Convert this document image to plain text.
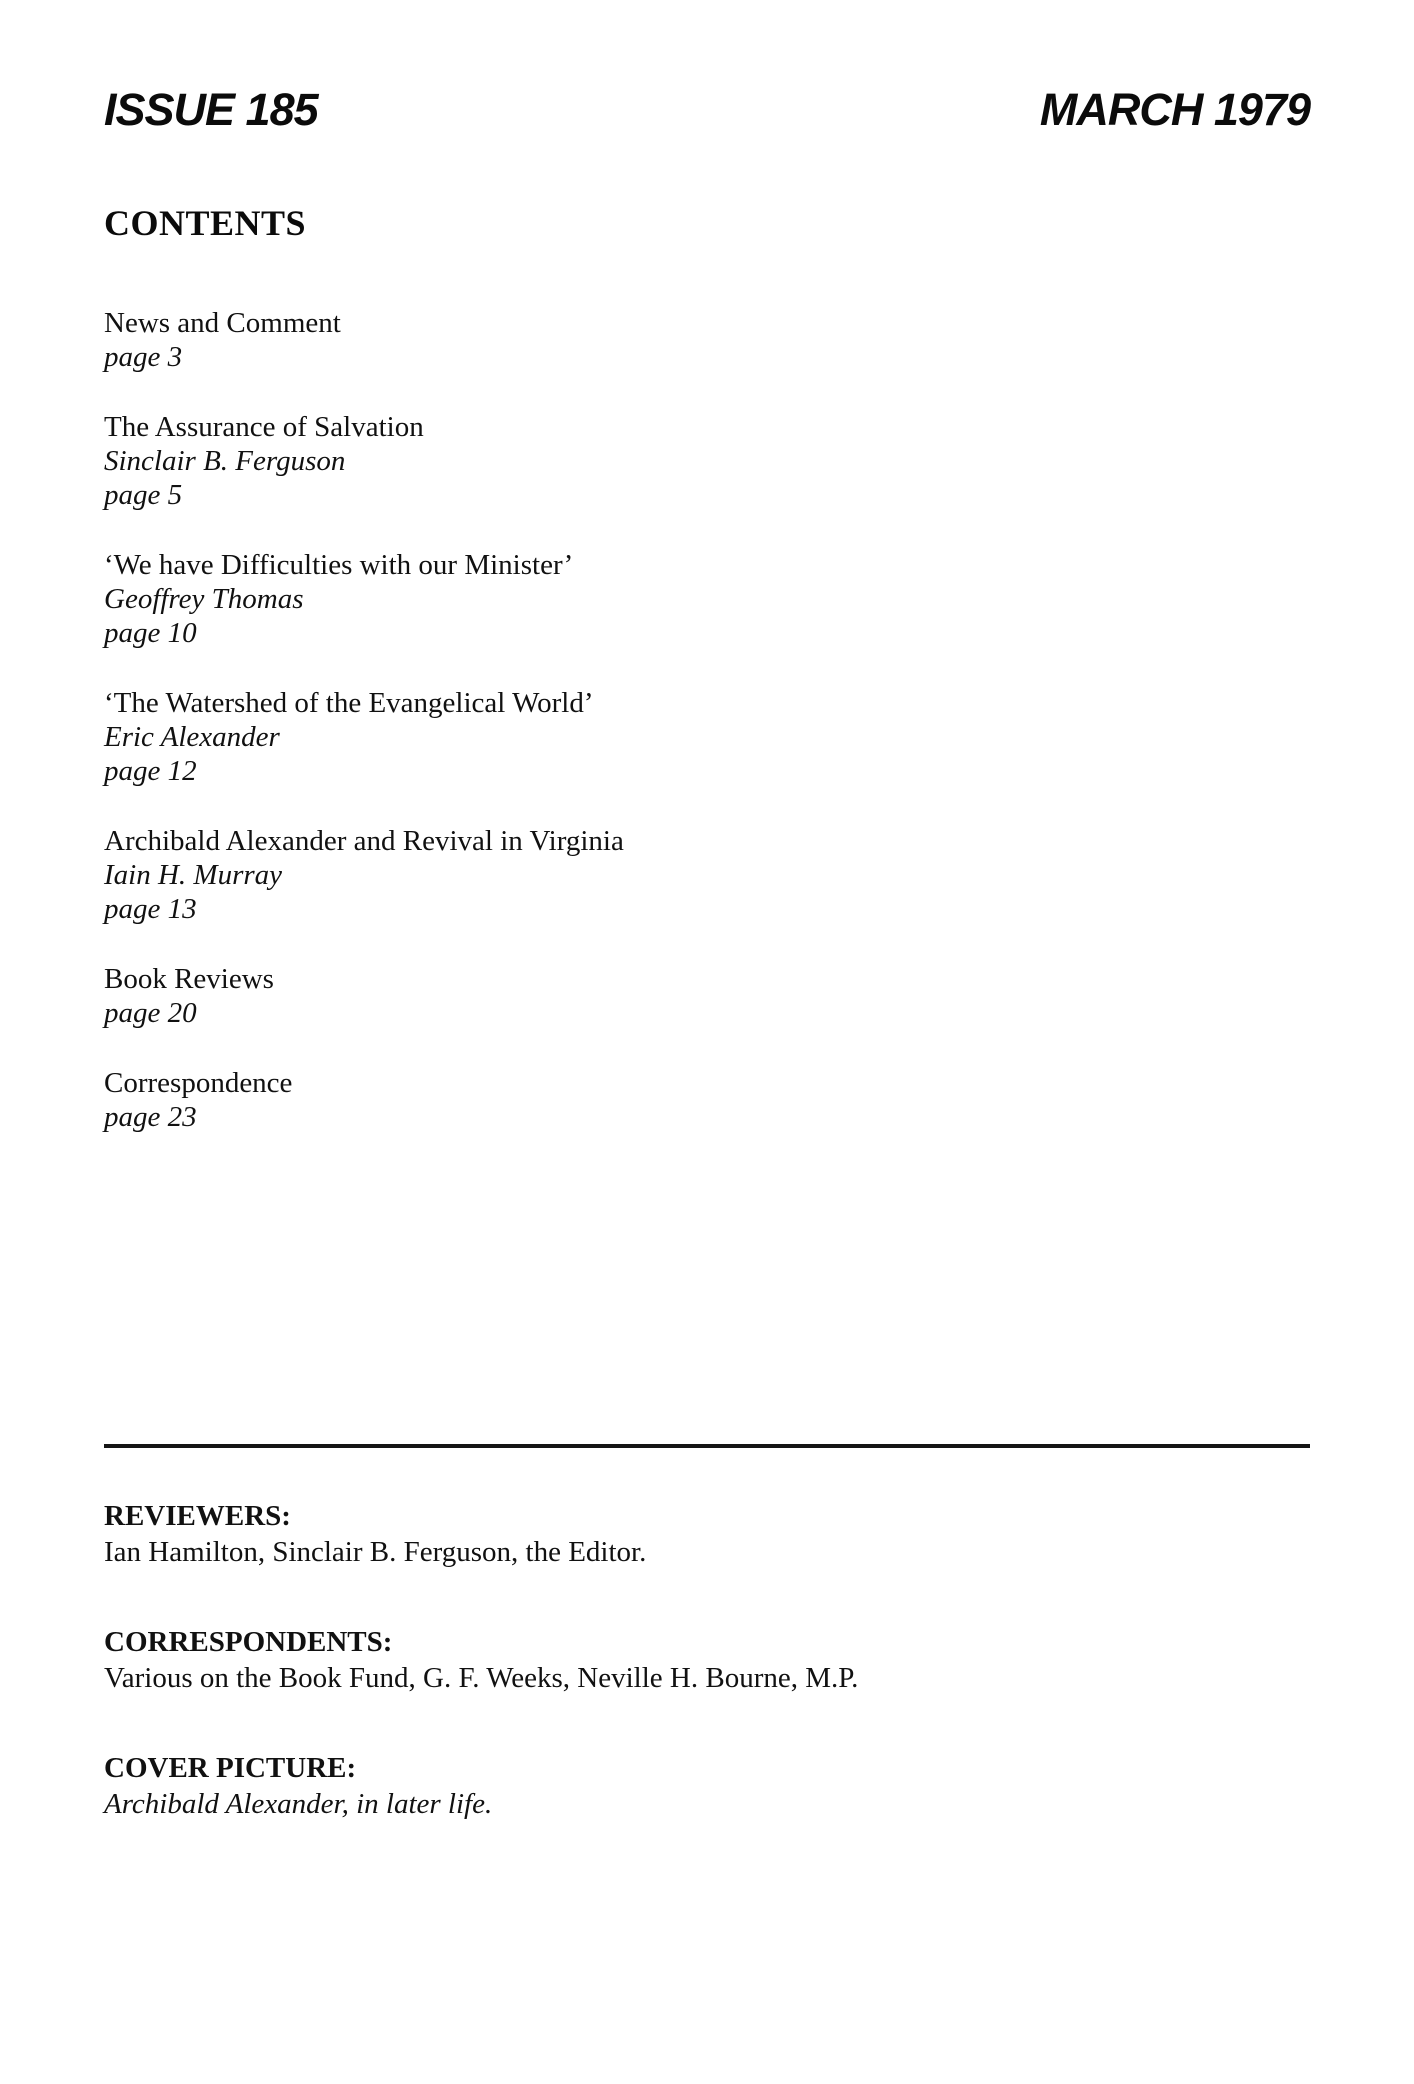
ISSUE 185	MARCH 1979
CONTENTS
News and Comment
page 3
The Assurance of Salvation
Sinclair B. Ferguson
page 5
‘We have Difficulties with our Minister’
Geoffrey Thomas
page 10
‘The Watershed of the Evangelical World’
Eric Alexander
page 12
Archibald Alexander and Revival in Virginia
Iain H. Murray
page 13
Book Reviews
page 20
Correspondence
page 23
REVIEWERS:
Ian Hamilton, Sinclair B. Ferguson, the Editor.
CORRESPONDENTS:
Various on the Book Fund, G. F. Weeks, Neville H. Bourne, M.P.
COVER PICTURE:
Archibald Alexander, in later life.
